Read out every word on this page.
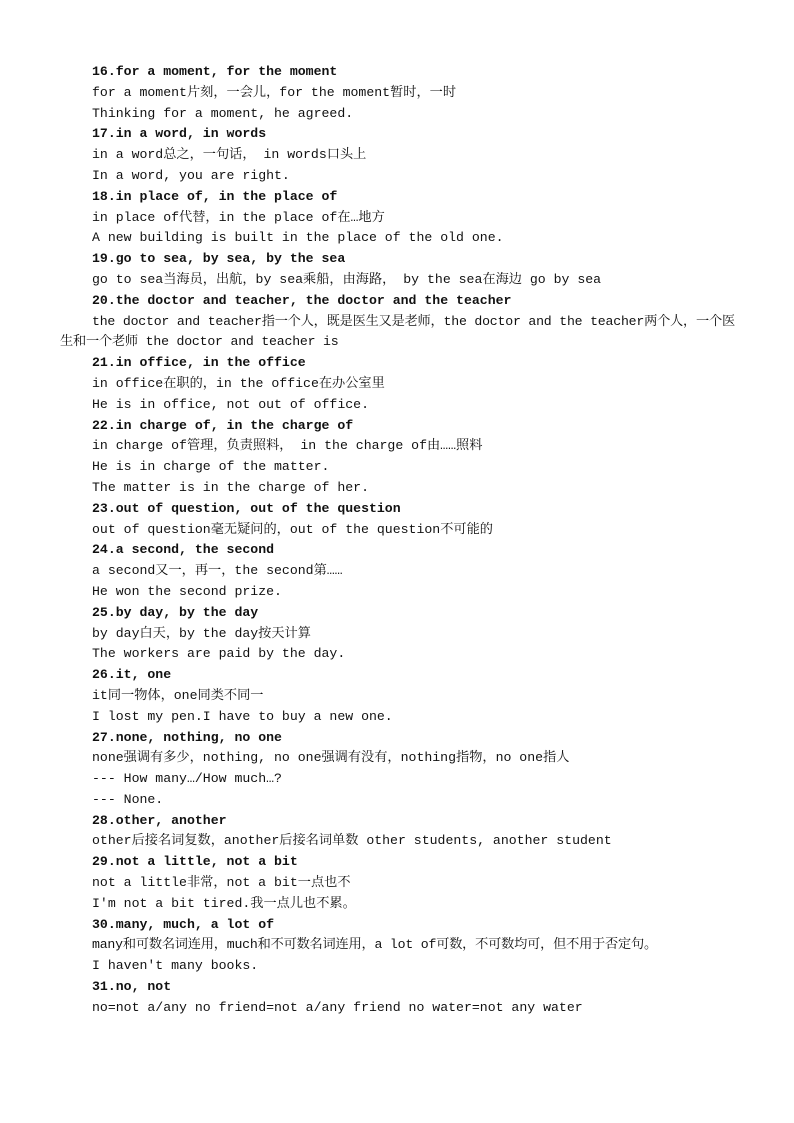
16.for a moment, for the moment
for a moment片刻，一会儿，for the moment暂时，一时
Thinking for a moment, he agreed.
17.in a word, in words
in a word总之，一句话， in words口头上
In a word, you are right.
18.in place of, in the place of
in place of代替，in the place of在…地方
A new building is built in the place of the old one.
19.go to sea, by sea, by the sea
go to sea当海员，出航，by sea乘船，由海路， by the sea在海边 go by sea
20.the doctor and teacher, the doctor and the teacher
the doctor and teacher指一个人，既是医生又是老师，the doctor and the teacher两个人，一个医生和一个老师 the doctor and teacher is
21.in office, in the office
in office在职的，in the office在办公室里
He is in office, not out of office.
22.in charge of, in the charge of
in charge of管理，负责照料， in the charge of由……照料
He is in charge of the matter.
The matter is in the charge of her.
23.out of question, out of the question
out of question毫无疑问的，out of the question不可能的
24.a second, the second
a second又一，再一，the second第……
He won the second prize.
25.by day, by the day
by day白天，by the day按天计算
The workers are paid by the day.
26.it, one
it同一物体，one同类不同一
I lost my pen.I have to buy a new one.
27.none, nothing, no one
none强调有多少，nothing, no one强调有没有，nothing指物，no one指人
--- How many…/How much…?
--- None.
28.other, another
other后接名词复数，another后接名词单数 other students, another student
29.not a little, not a bit
not a little非常，not a bit一点也不
I'm not a bit tired.我一点儿也不累。
30.many, much, a lot of
many和可数名词连用，much和不可数名词连用，a lot of可数，不可数均可，但不用于否定句。
I haven't many books.
31.no, not
no=not a/any no friend=not a/any friend no water=not any water
